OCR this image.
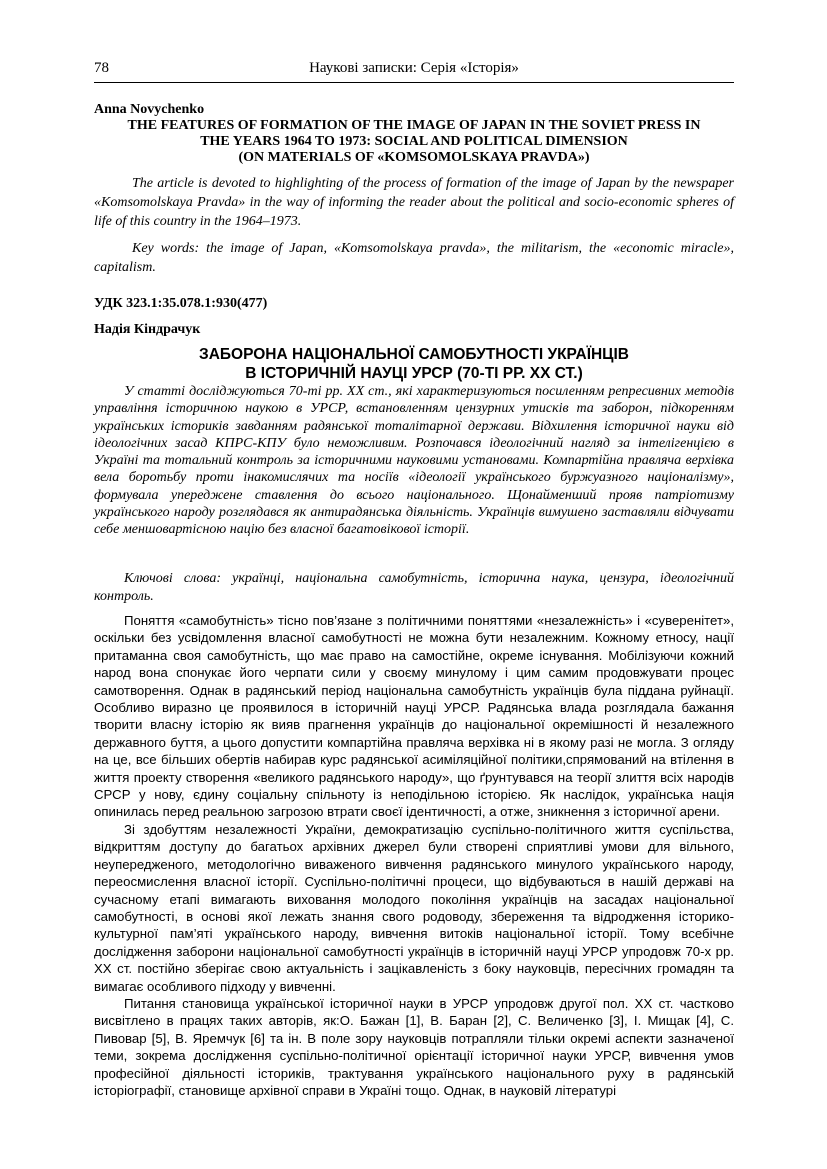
78	Наукові записки: Серія «Історія»
Anna Novychenko
THE FEATURES OF FORMATION OF THE IMAGE OF JAPAN IN THE SOVIET PRESS IN
THE YEARS 1964 TO 1973: SOCIAL AND POLITICAL DIMENSION
(ON MATERIALS OF «KOMSOMOLSKAYA PRAVDA»)

The article is devoted to highlighting of the process of formation of the image of Japan by the newspaper «Komsomolskaya Pravda» in the way of informing the reader about the political and socio-economic spheres of life of this country in the 1964–1973.

Key words: the image of Japan, «Komsomolskaya pravda», the militarism, the «economic miracle», capitalism.

УДК 323.1:35.078.1:930(477)
Надія Кіндрачук
ЗАБОРОНА НАЦІОНАЛЬНОЇ САМОБУТНОСТІ УКРАЇНЦІВ
В ІСТОРИЧНІЙ НАУЦІ УРСР (70-ТІ РР. ХХ СТ.)

У статті досліджуються 70-ті рр. ХХ ст., які характеризуються посиленням репресивних методів управління історичною наукою в УРСР, встановленням цензурних утисків та заборон, підкоренням українських істориків завданням радянської тоталітарної держави. Відхилення історичної науки від ідеологічних засад КПРС-КПУ було неможливим. Розпочався ідеологічний нагляд за інтелігенцією в Україні та тотальний контроль за історичними науковими установами. Компартійна правляча верхівка вела боротьбу проти інакомислячих та носіїв «ідеології українського буржуазного націоналізму», формувала упереджене ставлення до всього національного. Щонайменший прояв патріотизму українського народу розглядався як антирадянська діяльність. Українців вимушено заставляли відчувати себе меншовартісною націю без власної багатовікової історії.

Ключові слова: українці, національна самобутність, історична наука, цензура, ідеологічний контроль.

Поняття «самобутність» тісно пов’язане з політичними поняттями «незалежність» і «суверенітет», оскільки без усвідомлення власної самобутності не можна бути незалежним. Кожному етносу, нації притаманна своя самобутність, що має право на самостійне, окреме існування. Мобілізуючи кожний народ вона спонукає його черпати сили у своєму минулому і цим самим продовжувати процес самотворення. Однак в радянський період національна самобутність українців була піддана руйнації. Особливо виразно це проявилося в історичній науці УРСР. Радянська влада розглядала бажання творити власну історію як вияв прагнення українців до національної окремішності й незалежного державного буття, а цього допустити компартійна правляча верхівка ні в якому разі не могла. З огляду на це, все більших обертів набирав курс радянської асиміляційної політики,спрямований на втілення в життя проекту створення «великого радянського народу», що ґрунтувався на теорії злиття всіх народів СРСР у нову, єдину соціальну спільноту із неподільною історією. Як наслідок, українська нація опинилась перед реальною загрозою втрати своєї ідентичності, а отже, зникнення з історичної арени.

Зі здобуттям незалежності України, демократизацію суспільно-політичного життя суспільства, відкриттям доступу до багатьох архівних джерел були створені сприятливі умови для вільного, неупередженого, методологічно виваженого вивчення радянського минулого українського народу, переосмислення власної історії. Суспільно-політичні процеси, що відбуваються в нашій державі на сучасному етапі вимагають виховання молодого покоління українців на засадах національної самобутності, в основі якої лежать знання свого родоводу, збереження та відродження історико-культурної пам’яті українського народу, вивчення витоків національної історії. Тому всебічне дослідження заборони національної самобутності українців в історичній науці УРСР упродовж 70-х рр. ХХ ст. постійно зберігає свою актуальність і зацікавленість з боку науковців, пересічних громадян та вимагає особливого підходу у вивченні.

Питання становища української історичної науки в УРСР упродовж другої пол. ХХ ст. частково висвітлено в працях таких авторів, як:О. Бажан [1], В. Баран [2], С. Величенко [3], І. Мищак [4], С. Пивовар [5], В. Яремчук [6] та ін. В поле зору науковців потрапляли тільки окремі аспекти зазначеної теми, зокрема дослідження суспільно-політичної орієнтації історичної науки УРСР, вивчення умов професійної діяльності істориків, трактування українського національного руху в радянській історіографії, становище архівної справи в Україні тощо. Однак, в науковій літературі
